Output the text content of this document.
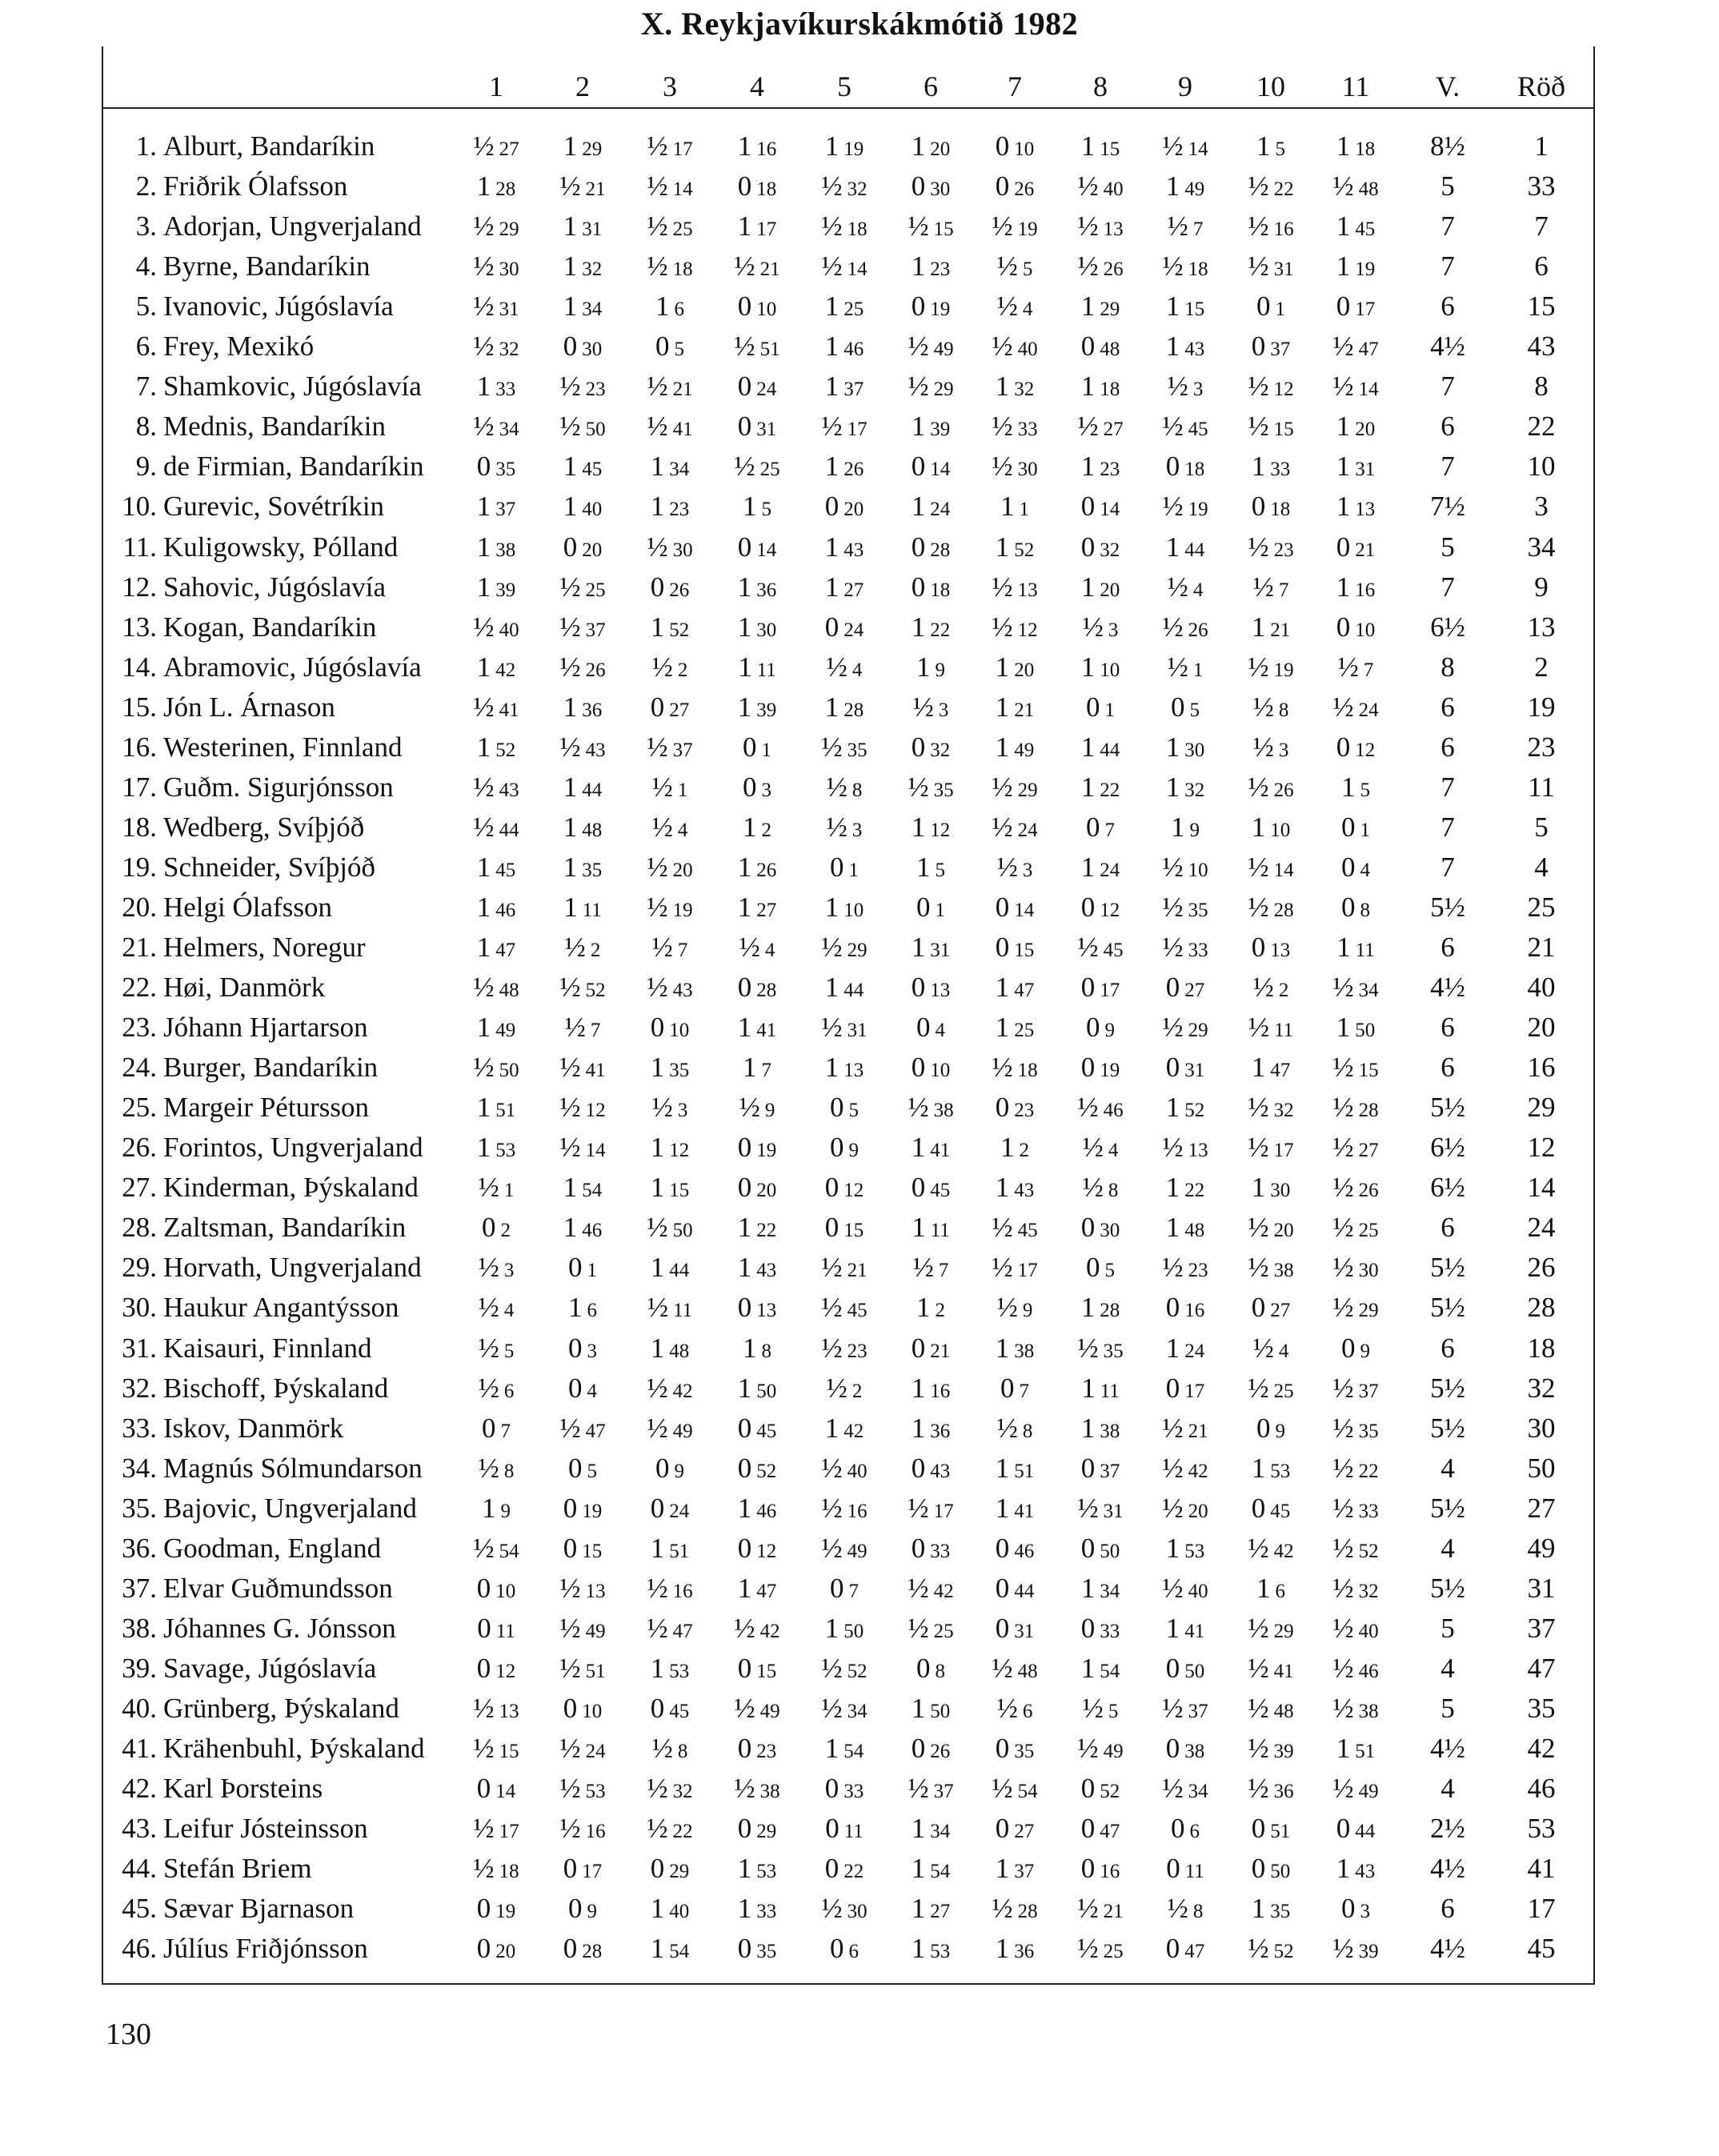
X. Reykjavíkurskákmótið 1982
1	2	3	4	5	6	7	8	9	10	11	V.	Röð
1. Alburt, Bandaríkin	½ 27	1 29	½ 17	1 16	1 19	1 20	0 10	1 15	½ 14	1 5	1 18	8½	1
2. Friðrik Ólafsson	1 28	½ 21	½ 14	0 18	½ 32	0 30	0 26	½ 40	1 49	½ 22	½ 48	5	33
3. Adorjan, Ungverjaland	½ 29	1 31	½ 25	1 17	½ 18	½ 15	½ 19	½ 13	½ 7	½ 16	1 45	7	7
4. Byrne, Bandaríkin	½ 30	1 32	½ 18	½ 21	½ 14	1 23	½ 5	½ 26	½ 18	½ 31	1 19	7	6
5. Ivanovic, Júgóslavía	½ 31	1 34	1 6	0 10	1 25	0 19	½ 4	1 29	1 15	0 1	0 17	6	15
6. Frey, Mexikó	½ 32	0 30	0 5	½ 51	1 46	½ 49	½ 40	0 48	1 43	0 37	½ 47	4½	43
7. Shamkovic, Júgóslavía	1 33	½ 23	½ 21	0 24	1 37	½ 29	1 32	1 18	½ 3	½ 12	½ 14	7	8
8. Mednis, Bandaríkin	½ 34	½ 50	½ 41	0 31	½ 17	1 39	½ 33	½ 27	½ 45	½ 15	1 20	6	22
9. de Firmian, Bandaríkin	0 35	1 45	1 34	½ 25	1 26	0 14	½ 30	1 23	0 18	1 33	1 31	7	10
10. Gurevic, Sovétríkin	1 37	1 40	1 23	1 5	0 20	1 24	1 1	0 14	½ 19	0 18	1 13	7½	3
11. Kuligowsky, Pólland	1 38	0 20	½ 30	0 14	1 43	0 28	1 52	0 32	1 44	½ 23	0 21	5	34
12. Sahovic, Júgóslavía	1 39	½ 25	0 26	1 36	1 27	0 18	½ 13	1 20	½ 4	½ 7	1 16	7	9
13. Kogan, Bandaríkin	½ 40	½ 37	1 52	1 30	0 24	1 22	½ 12	½ 3	½ 26	1 21	0 10	6½	13
14. Abramovic, Júgóslavía	1 42	½ 26	½ 2	1 11	½ 4	1 9	1 20	1 10	½ 1	½ 19	½ 7	8	2
15. Jón L. Árnason	½ 41	1 36	0 27	1 39	1 28	½ 3	1 21	0 1	0 5	½ 8	½ 24	6	19
16. Westerinen, Finnland	1 52	½ 43	½ 37	0 1	½ 35	0 32	1 49	1 44	1 30	½ 3	0 12	6	23
17. Guðm. Sigurjónsson	½ 43	1 44	½ 1	0 3	½ 8	½ 35	½ 29	1 22	1 32	½ 26	1 5	7	11
18. Wedberg, Svíþjóð	½ 44	1 48	½ 4	1 2	½ 3	1 12	½ 24	0 7	1 9	1 10	0 1	7	5
19. Schneider, Svíþjóð	1 45	1 35	½ 20	1 26	0 1	1 5	½ 3	1 24	½ 10	½ 14	0 4	7	4
20. Helgi Ólafsson	1 46	1 11	½ 19	1 27	1 10	0 1	0 14	0 12	½ 35	½ 28	0 8	5½	25
21. Helmers, Noregur	1 47	½ 2	½ 7	½ 4	½ 29	1 31	0 15	½ 45	½ 33	0 13	1 11	6	21
22. Høi, Danmörk	½ 48	½ 52	½ 43	0 28	1 44	0 13	1 47	0 17	0 27	½ 2	½ 34	4½	40
23. Jóhann Hjartarson	1 49	½ 7	0 10	1 41	½ 31	0 4	1 25	0 9	½ 29	½ 11	1 50	6	20
24. Burger, Bandaríkin	½ 50	½ 41	1 35	1 7	1 13	0 10	½ 18	0 19	0 31	1 47	½ 15	6	16
25. Margeir Pétursson	1 51	½ 12	½ 3	½ 9	0 5	½ 38	0 23	½ 46	1 52	½ 32	½ 28	5½	29
26. Forintos, Ungverjaland	1 53	½ 14	1 12	0 19	0 9	1 41	1 2	½ 4	½ 13	½ 17	½ 27	6½	12
27. Kinderman, Þýskaland	½ 1	1 54	1 15	0 20	0 12	0 45	1 43	½ 8	1 22	1 30	½ 26	6½	14
28. Zaltsman, Bandaríkin	0 2	1 46	½ 50	1 22	0 15	1 11	½ 45	0 30	1 48	½ 20	½ 25	6	24
29. Horvath, Ungverjaland	½ 3	0 1	1 44	1 43	½ 21	½ 7	½ 17	0 5	½ 23	½ 38	½ 30	5½	26
30. Haukur Angantýsson	½ 4	1 6	½ 11	0 13	½ 45	1 2	½ 9	1 28	0 16	0 27	½ 29	5½	28
31. Kaisauri, Finnland	½ 5	0 3	1 48	1 8	½ 23	0 21	1 38	½ 35	1 24	½ 4	0 9	6	18
32. Bischoff, Þýskaland	½ 6	0 4	½ 42	1 50	½ 2	1 16	0 7	1 11	0 17	½ 25	½ 37	5½	32
33. Iskov, Danmörk	0 7	½ 47	½ 49	0 45	1 42	1 36	½ 8	1 38	½ 21	0 9	½ 35	5½	30
34. Magnús Sólmundarson	½ 8	0 5	0 9	0 52	½ 40	0 43	1 51	0 37	½ 42	1 53	½ 22	4	50
35. Bajovic, Ungverjaland	1 9	0 19	0 24	1 46	½ 16	½ 17	1 41	½ 31	½ 20	0 45	½ 33	5½	27
36. Goodman, England	½ 54	0 15	1 51	0 12	½ 49	0 33	0 46	0 50	1 53	½ 42	½ 52	4	49
37. Elvar Guðmundsson	0 10	½ 13	½ 16	1 47	0 7	½ 42	0 44	1 34	½ 40	1 6	½ 32	5½	31
38. Jóhannes G. Jónsson	0 11	½ 49	½ 47	½ 42	1 50	½ 25	0 31	0 33	1 41	½ 29	½ 40	5	37
39. Savage, Júgóslavía	0 12	½ 51	1 53	0 15	½ 52	0 8	½ 48	1 54	0 50	½ 41	½ 46	4	47
40. Grünberg, Þýskaland	½ 13	0 10	0 45	½ 49	½ 34	1 50	½ 6	½ 5	½ 37	½ 48	½ 38	5	35
41. Krähenbuhl, Þýskaland	½ 15	½ 24	½ 8	0 23	1 54	0 26	0 35	½ 49	0 38	½ 39	1 51	4½	42
42. Karl Þorsteins	0 14	½ 53	½ 32	½ 38	0 33	½ 37	½ 54	0 52	½ 34	½ 36	½ 49	4	46
43. Leifur Jósteinsson	½ 17	½ 16	½ 22	0 29	0 11	1 34	0 27	0 47	0 6	0 51	0 44	2½	53
44. Stefán Briem	½ 18	0 17	0 29	1 53	0 22	1 54	1 37	0 16	0 11	0 50	1 43	4½	41
45. Sævar Bjarnason	0 19	0 9	1 40	1 33	½ 30	1 27	½ 28	½ 21	½ 8	1 35	0 3	6	17
46. Júlíus Friðjónsson	0 20	0 28	1 54	0 35	0 6	1 53	1 36	½ 25	0 47	½ 52	½ 39	4½	45
130
